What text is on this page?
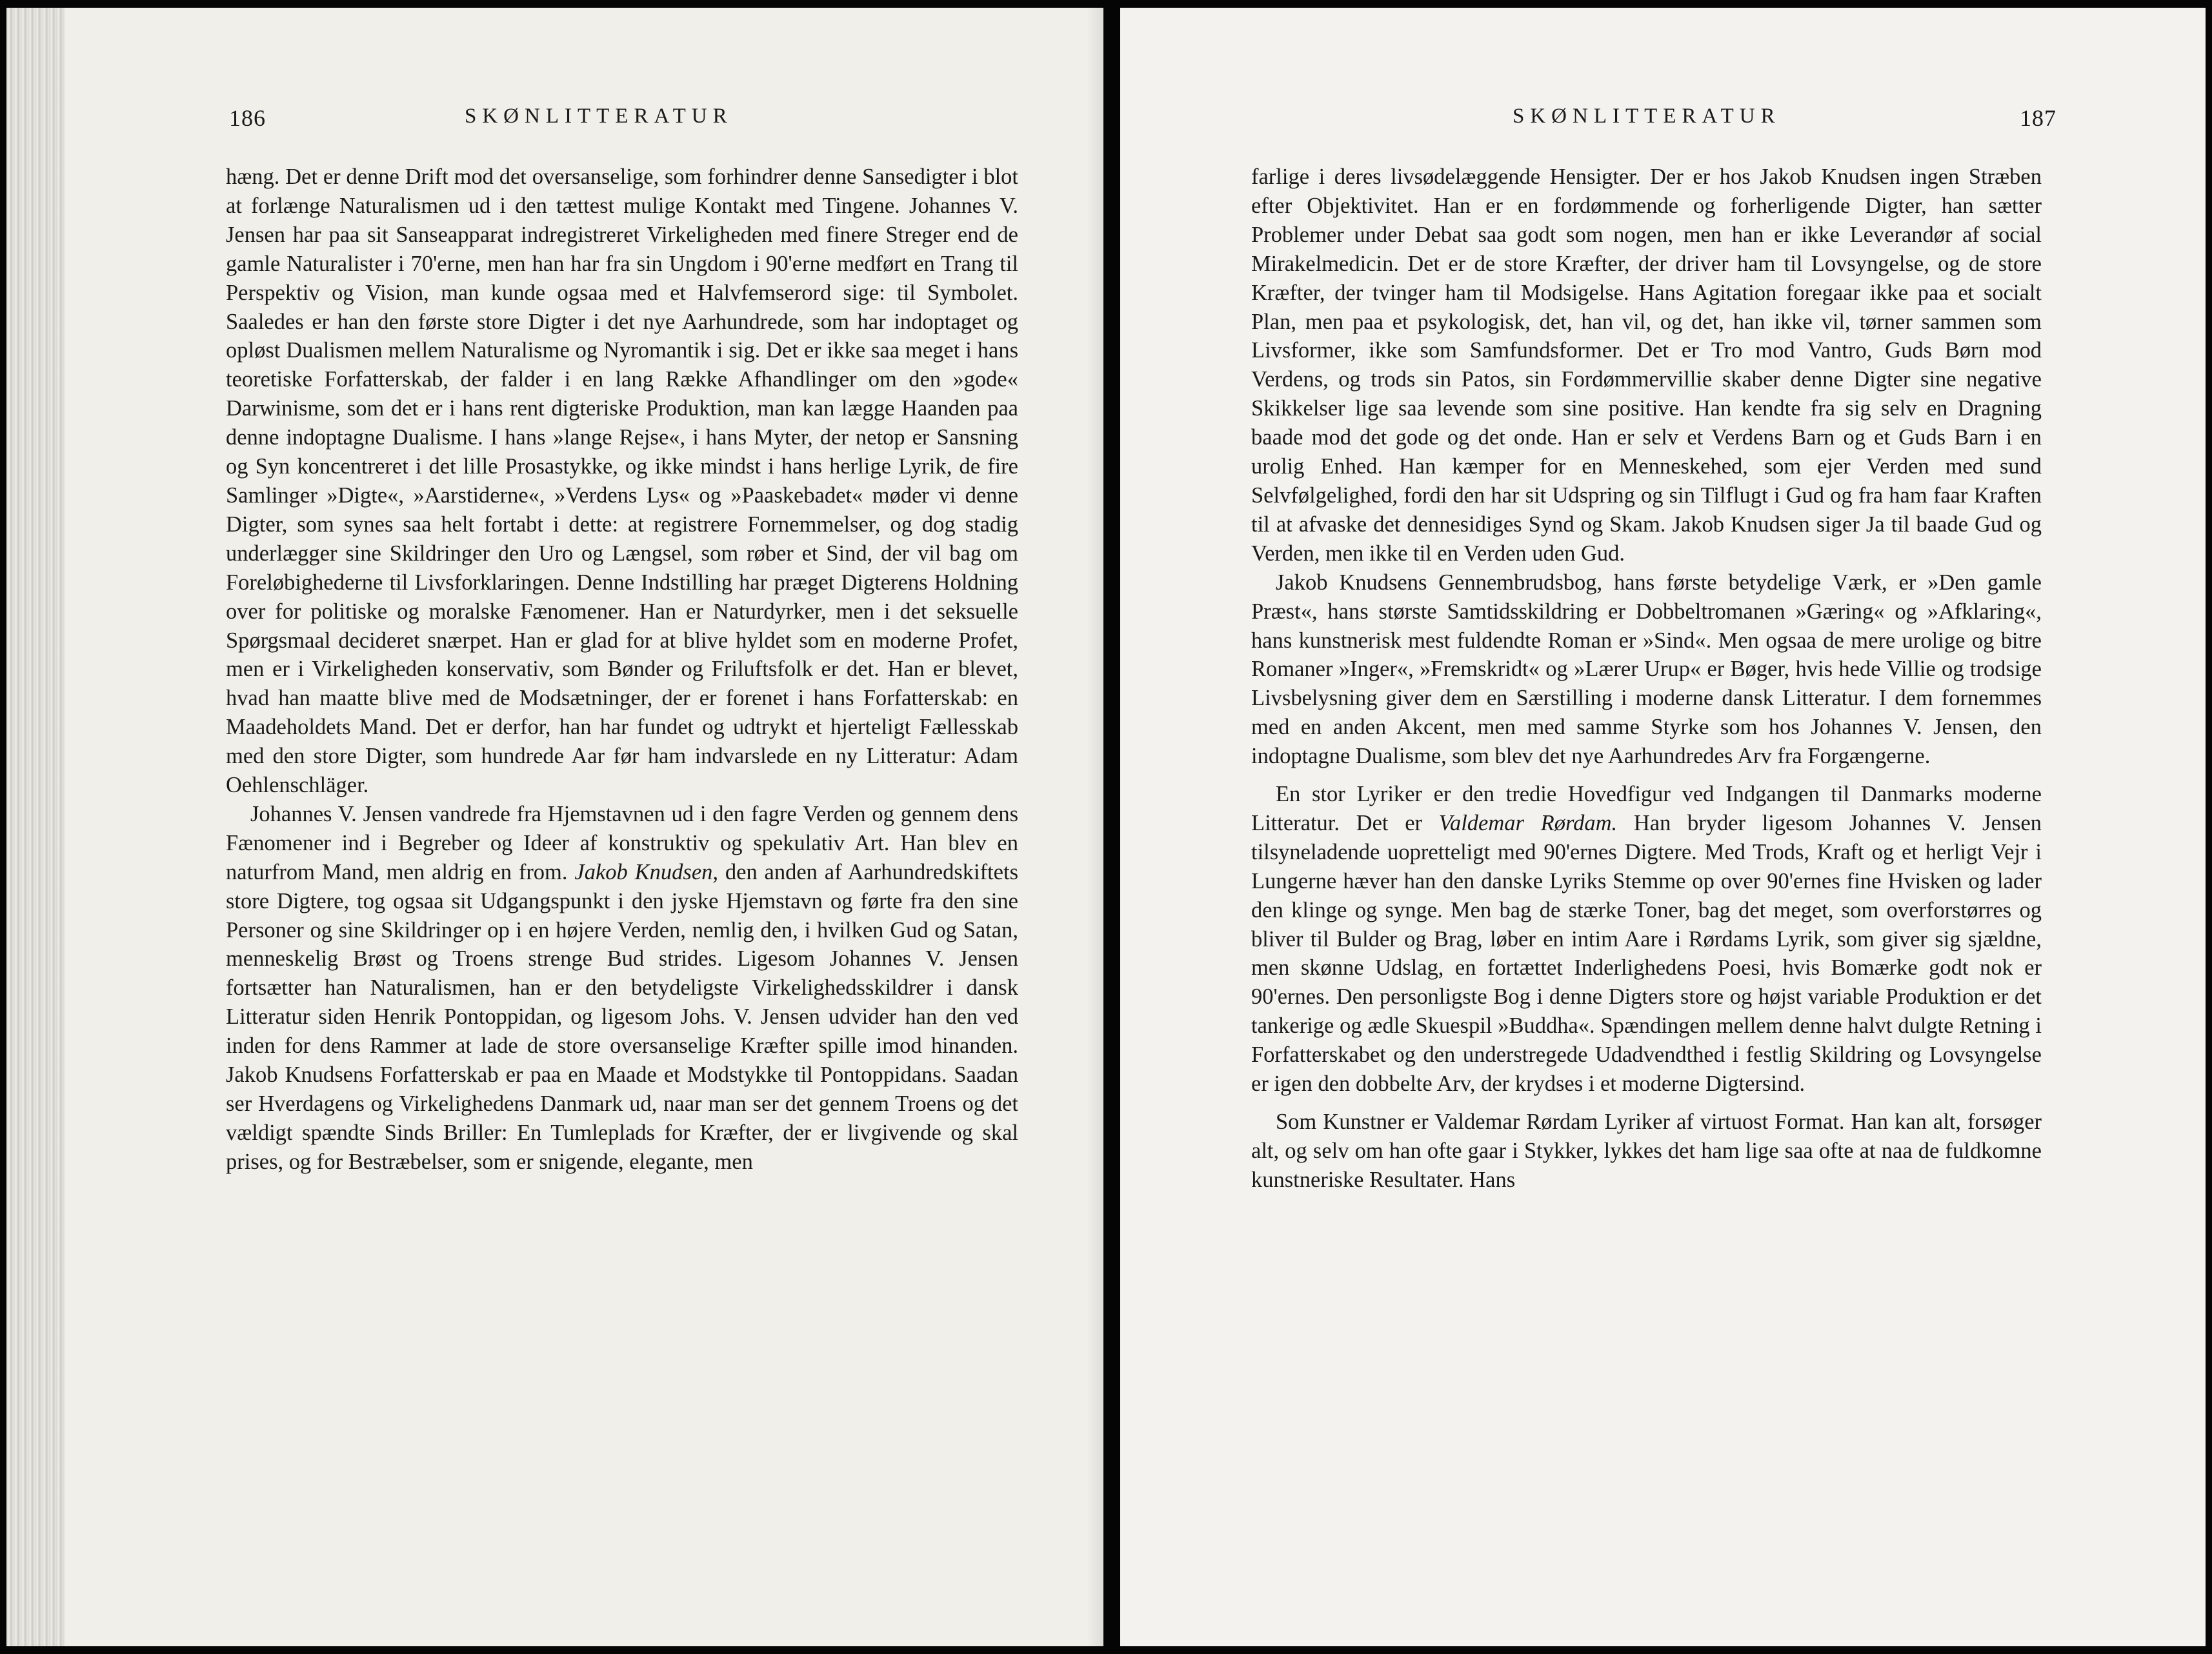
186	SKØNLITTERATUR

hæng. Det er denne Drift mod det oversanselige, som forhindrer denne Sansedigter i blot at forlænge Naturalismen ud i den tættest mulige Kontakt med Tingene. Johannes V. Jensen har paa sit Sanseapparat indregistreret Virkeligheden med finere Streger end de gamle Naturalister i 70'erne, men han har fra sin Ungdom i 90'erne medført en Trang til Perspektiv og Vision, man kunde ogsaa med et Halvfemserord sige: til Symbolet. Saaledes er han den første store Digter i det nye Aarhundrede, som har indoptaget og opløst Dualismen mellem Naturalisme og Nyromantik i sig. Det er ikke saa meget i hans teoretiske Forfatterskab, der falder i en lang Række Afhandlinger om den »gode« Darwinisme, som det er i hans rent digteriske Produktion, man kan lægge Haanden paa denne indoptagne Dualisme. I hans »lange Rejse«, i hans Myter, der netop er Sansning og Syn koncentreret i det lille Prosastykke, og ikke mindst i hans herlige Lyrik, de fire Samlinger »Digte«, »Aarstiderne«, »Verdens Lys« og »Paaskebadet« møder vi denne Digter, som synes saa helt fortabt i dette: at registrere Fornemmelser, og dog stadig underlægger sine Skildringer den Uro og Længsel, som røber et Sind, der vil bag om Foreløbighederne til Livsforklaringen. Denne Indstilling har præget Digterens Holdning over for politiske og moralske Fænomener. Han er Naturdyrker, men i det seksuelle Spørgsmaal decideret snærpet. Han er glad for at blive hyldet som en moderne Profet, men er i Virkeligheden konservativ, som Bønder og Friluftsfolk er det. Han er blevet, hvad han maatte blive med de Modsætninger, der er forenet i hans Forfatterskab: en Maadeholdets Mand. Det er derfor, han har fundet og udtrykt et hjerteligt Fællesskab med den store Digter, som hundrede Aar før ham indvarslede en ny Litteratur: Adam Oehlenschläger.

Johannes V. Jensen vandrede fra Hjemstavnen ud i den fagre Verden og gennem dens Fænomener ind i Begreber og Ideer af konstruktiv og spekulativ Art. Han blev en naturfrom Mand, men aldrig en from. Jakob Knudsen, den anden af Aarhundredskiftets store Digtere, tog ogsaa sit Udgangspunkt i den jyske Hjemstavn og førte fra den sine Personer og sine Skildringer op i en højere Verden, nemlig den, i hvilken Gud og Satan, menneskelig Brøst og Troens strenge Bud strides. Ligesom Johannes V. Jensen fortsætter han Naturalismen, han er den betydeligste Virkelighedsskildrer i dansk Litteratur siden Henrik Pontoppidan, og ligesom Johs. V. Jensen udvider han den ved inden for dens Rammer at lade de store oversanselige Kræfter spille imod hinanden. Jakob Knudsens Forfatterskab er paa en Maade et Modstykke til Pontoppidans. Saadan ser Hverdagens og Virkelighedens Danmark ud, naar man ser det gennem Troens og det vældigt spændte Sinds Briller: En Tumleplads for Kræfter, der er livgivende og skal prises, og for Bestræbelser, som er snigende, elegante, men

SKØNLITTERATUR	187

farlige i deres livsødelæggende Hensigter. Der er hos Jakob Knudsen ingen Stræben efter Objektivitet. Han er en fordømmende og forherligende Digter, han sætter Problemer under Debat saa godt som nogen, men han er ikke Leverandør af social Mirakelmedicin. Det er de store Kræfter, der driver ham til Lovsyngelse, og de store Kræfter, der tvinger ham til Modsigelse. Hans Agitation foregaar ikke paa et socialt Plan, men paa et psykologisk, det, han vil, og det, han ikke vil, tørner sammen som Livsformer, ikke som Samfundsformer. Det er Tro mod Vantro, Guds Børn mod Verdens, og trods sin Patos, sin Fordømmervillie skaber denne Digter sine negative Skikkelser lige saa levende som sine positive. Han kendte fra sig selv en Dragning baade mod det gode og det onde. Han er selv et Verdens Barn og et Guds Barn i en urolig Enhed. Han kæmper for en Menneskehed, som ejer Verden med sund Selvfølgelighed, fordi den har sit Udspring og sin Tilflugt i Gud og fra ham faar Kraften til at afvaske det dennesidiges Synd og Skam. Jakob Knudsen siger Ja til baade Gud og Verden, men ikke til en Verden uden Gud.

Jakob Knudsens Gennembrudsbog, hans første betydelige Værk, er »Den gamle Præst«, hans største Samtidsskildring er Dobbeltromanen »Gæring« og »Afklaring«, hans kunstnerisk mest fuldendte Roman er »Sind«. Men ogsaa de mere urolige og bitre Romaner »Inger«, »Fremskridt« og »Lærer Urup« er Bøger, hvis hede Villie og trodsige Livsbelysning giver dem en Særstilling i moderne dansk Litteratur. I dem fornemmes med en anden Akcent, men med samme Styrke som hos Johannes V. Jensen, den indoptagne Dualisme, som blev det nye Aarhundredes Arv fra Forgængerne.

En stor Lyriker er den tredie Hovedfigur ved Indgangen til Danmarks moderne Litteratur. Det er Valdemar Rørdam. Han bryder ligesom Johannes V. Jensen tilsyneladende uopretteligt med 90'ernes Digtere. Med Trods, Kraft og et herligt Vejr i Lungerne hæver han den danske Lyriks Stemme op over 90'ernes fine Hvisken og lader den klinge og synge. Men bag de stærke Toner, bag det meget, som overforstørres og bliver til Bulder og Brag, løber en intim Aare i Rørdams Lyrik, som giver sig sjældne, men skønne Udslag, en fortættet Inderlighedens Poesi, hvis Bomærke godt nok er 90'ernes. Den personligste Bog i denne Digters store og højst variable Produktion er det tankerige og ædle Skuespil »Buddha«. Spændingen mellem denne halvt dulgte Retning i Forfatterskabet og den understregede Udadvendthed i festlig Skildring og Lovsyngelse er igen den dobbelte Arv, der krydses i et moderne Digtersind.

Som Kunstner er Valdemar Rørdam Lyriker af virtuost Format. Han kan alt, forsøger alt, og selv om han ofte gaar i Stykker, lykkes det ham lige saa ofte at naa de fuldkomne kunstneriske Resultater. Hans
